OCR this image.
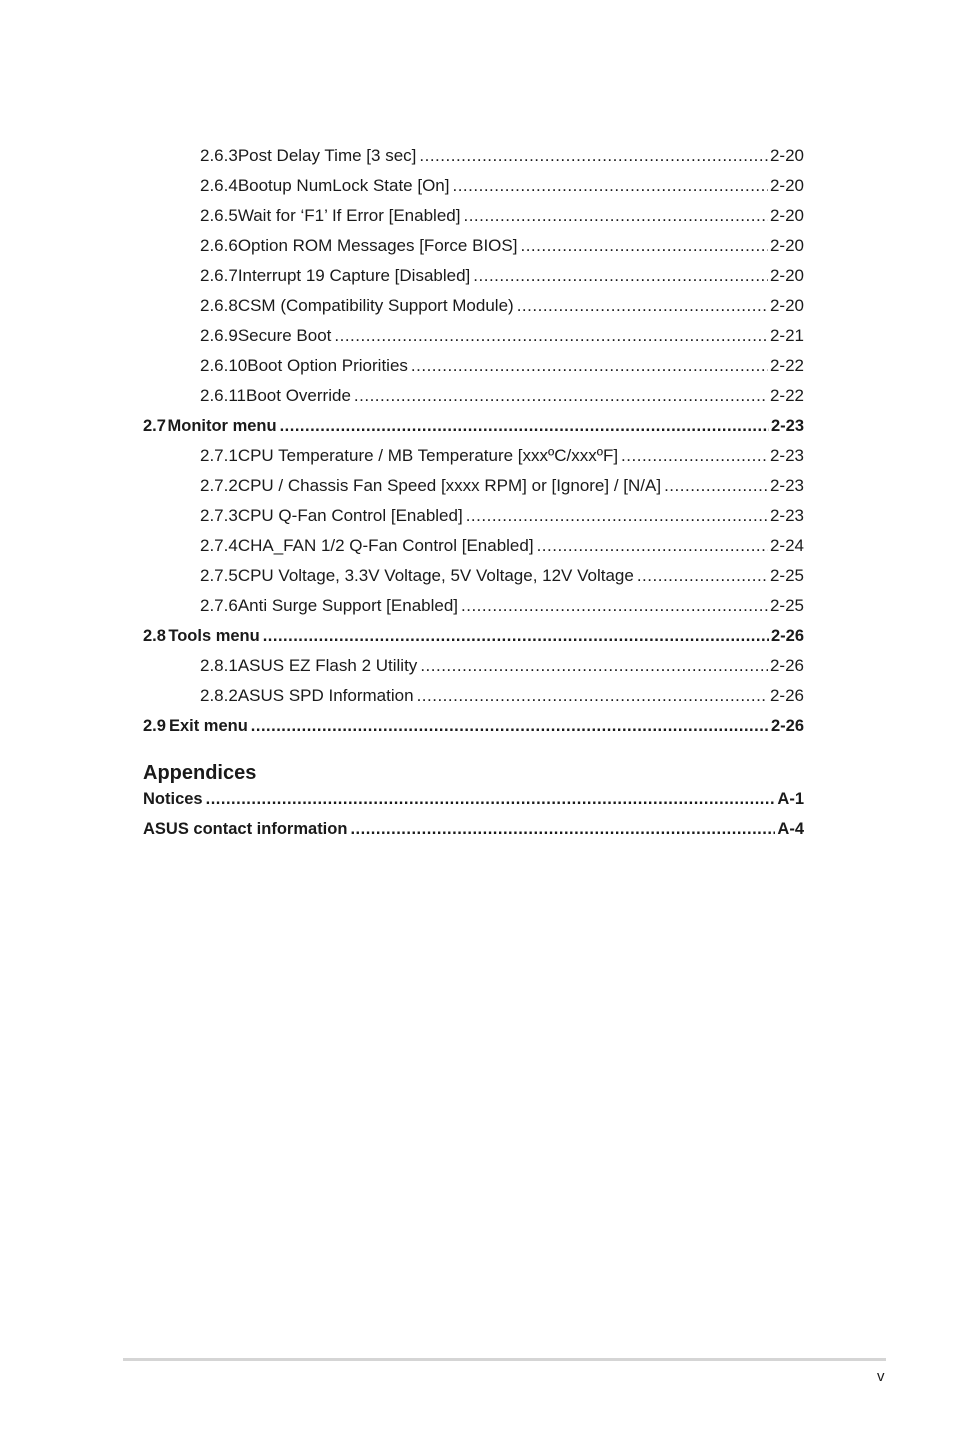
2.6.3 Post Delay Time [3 sec] .....	2-20
2.6.4 Bootup NumLock State [On] .....	2-20
2.6.5 Wait for ‘F1’ If Error [Enabled] .....	2-20
2.6.6 Option ROM Messages [Force BIOS] .....	2-20
2.6.7 Interrupt 19 Capture [Disabled] .....	2-20
2.6.8 CSM (Compatibility Support Module) .....	2-20
2.6.9 Secure Boot .....	2-21
2.6.10 Boot Option Priorities .....	2-22
2.6.11 Boot Override .....	2-22
2.7 Monitor menu .....	2-23
2.7.1 CPU Temperature / MB Temperature [xxxºC/xxxºF] .....	2-23
2.7.2 CPU / Chassis Fan Speed [xxxx RPM] or [Ignore] / [N/A] .....	2-23
2.7.3 CPU Q-Fan Control [Enabled] .....	2-23
2.7.4 CHA_FAN 1/2 Q-Fan Control [Enabled] .....	2-24
2.7.5 CPU Voltage, 3.3V Voltage, 5V Voltage, 12V Voltage .....	2-25
2.7.6 Anti Surge Support [Enabled] .....	2-25
2.8 Tools menu .....	2-26
2.8.1 ASUS EZ Flash 2 Utility .....	2-26
2.8.2 ASUS SPD Information .....	2-26
2.9 Exit menu .....	2-26
Appendices
Notices .....	A-1
ASUS contact information .....	A-4
v
